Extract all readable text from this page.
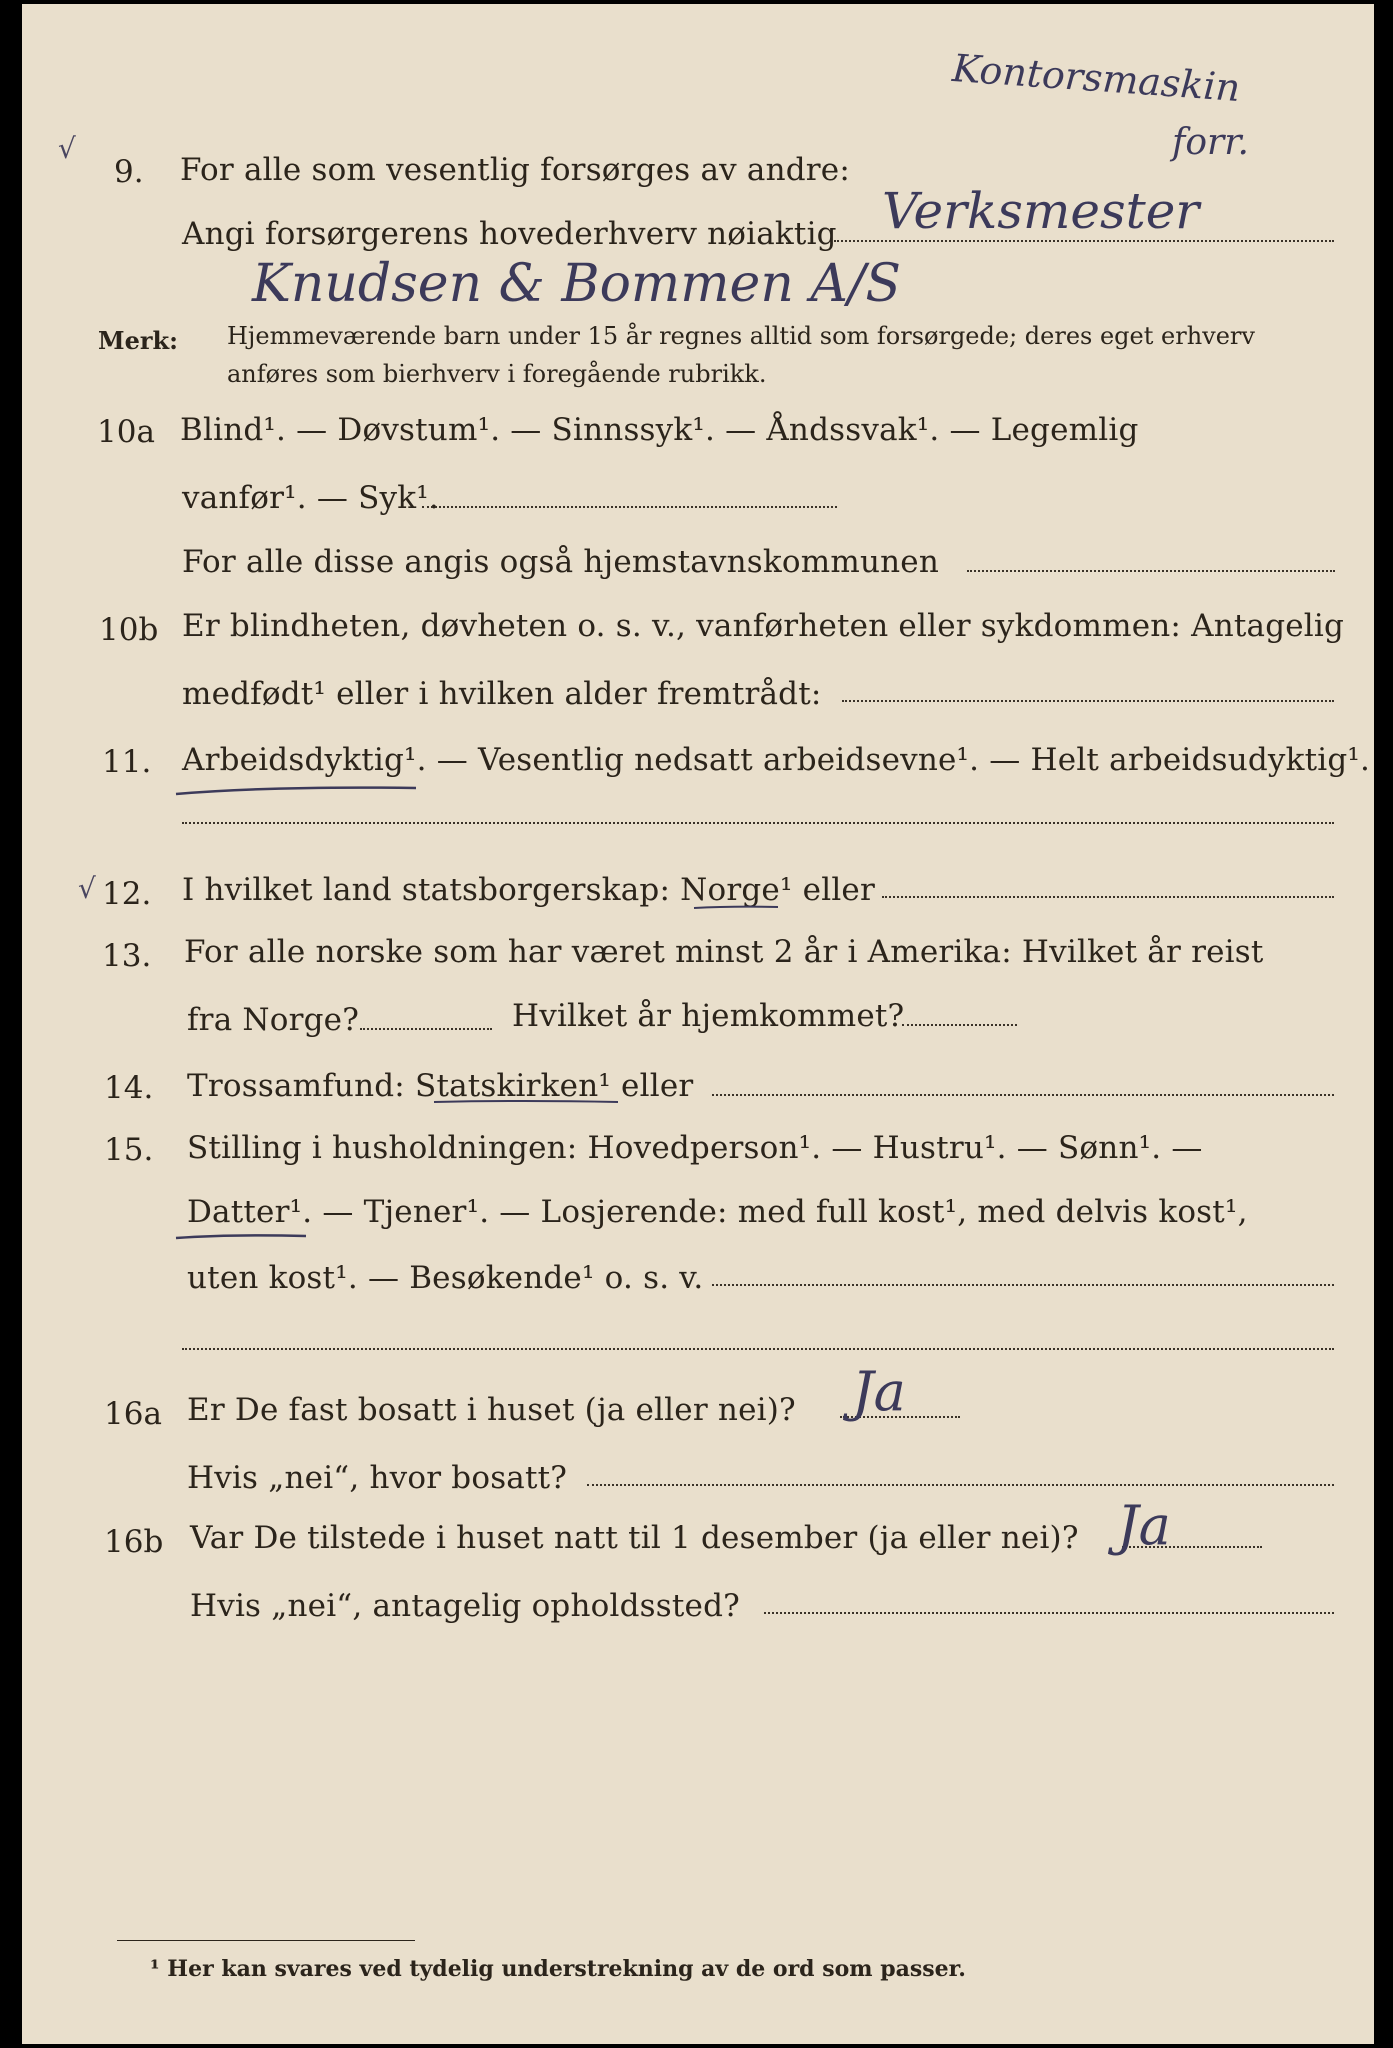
Kontorsmaskin
forr.
√
9. For alle som vesentlig forsørges av andre:
Angi forsørgerens hovederhverv nøiaktig Verksmester
Knudsen & Bommen A/S
Merk: Hjemmeværende barn under 15 år regnes alltid som forsørgede; deres eget erhverv
anføres som bierhverv i foregående rubrikk.
10a Blind¹. — Døvstum¹. — Sinnssyk¹. — Åndssvak¹. — Legemlig
vanfør¹. — Syk¹.
For alle disse angis også hjemstavnskommunen
10b Er blindheten, døvheten o. s. v., vanførheten eller sykdommen: Antagelig
medfødt¹ eller i hvilken alder fremtrådt:
11. Arbeidsdyktig¹. — Vesentlig nedsatt arbeidsevne¹. — Helt arbeidsudyktig¹.
√ 12. I hvilket land statsborgerskap: Norge¹ eller
13. For alle norske som har været minst 2 år i Amerika: Hvilket år reist
fra Norge?	Hvilket år hjemkommet?
14. Trossamfund: Statskirken¹ eller
15. Stilling i husholdningen: Hovedperson¹. — Hustru¹. — Sønn¹. —
Datter¹. — Tjener¹. — Losjerende: med full kost¹, med delvis kost¹,
uten kost¹. — Besøkende¹ o. s. v.
16a Er De fast bosatt i huset (ja eller nei)? Ja
Hvis „nei“, hvor bosatt?
16b Var De tilstede i huset natt til 1 desember (ja eller nei)? Ja
Hvis „nei“, antagelig opholdssted?
¹ Her kan svares ved tydelig understrekning av de ord som passer.
